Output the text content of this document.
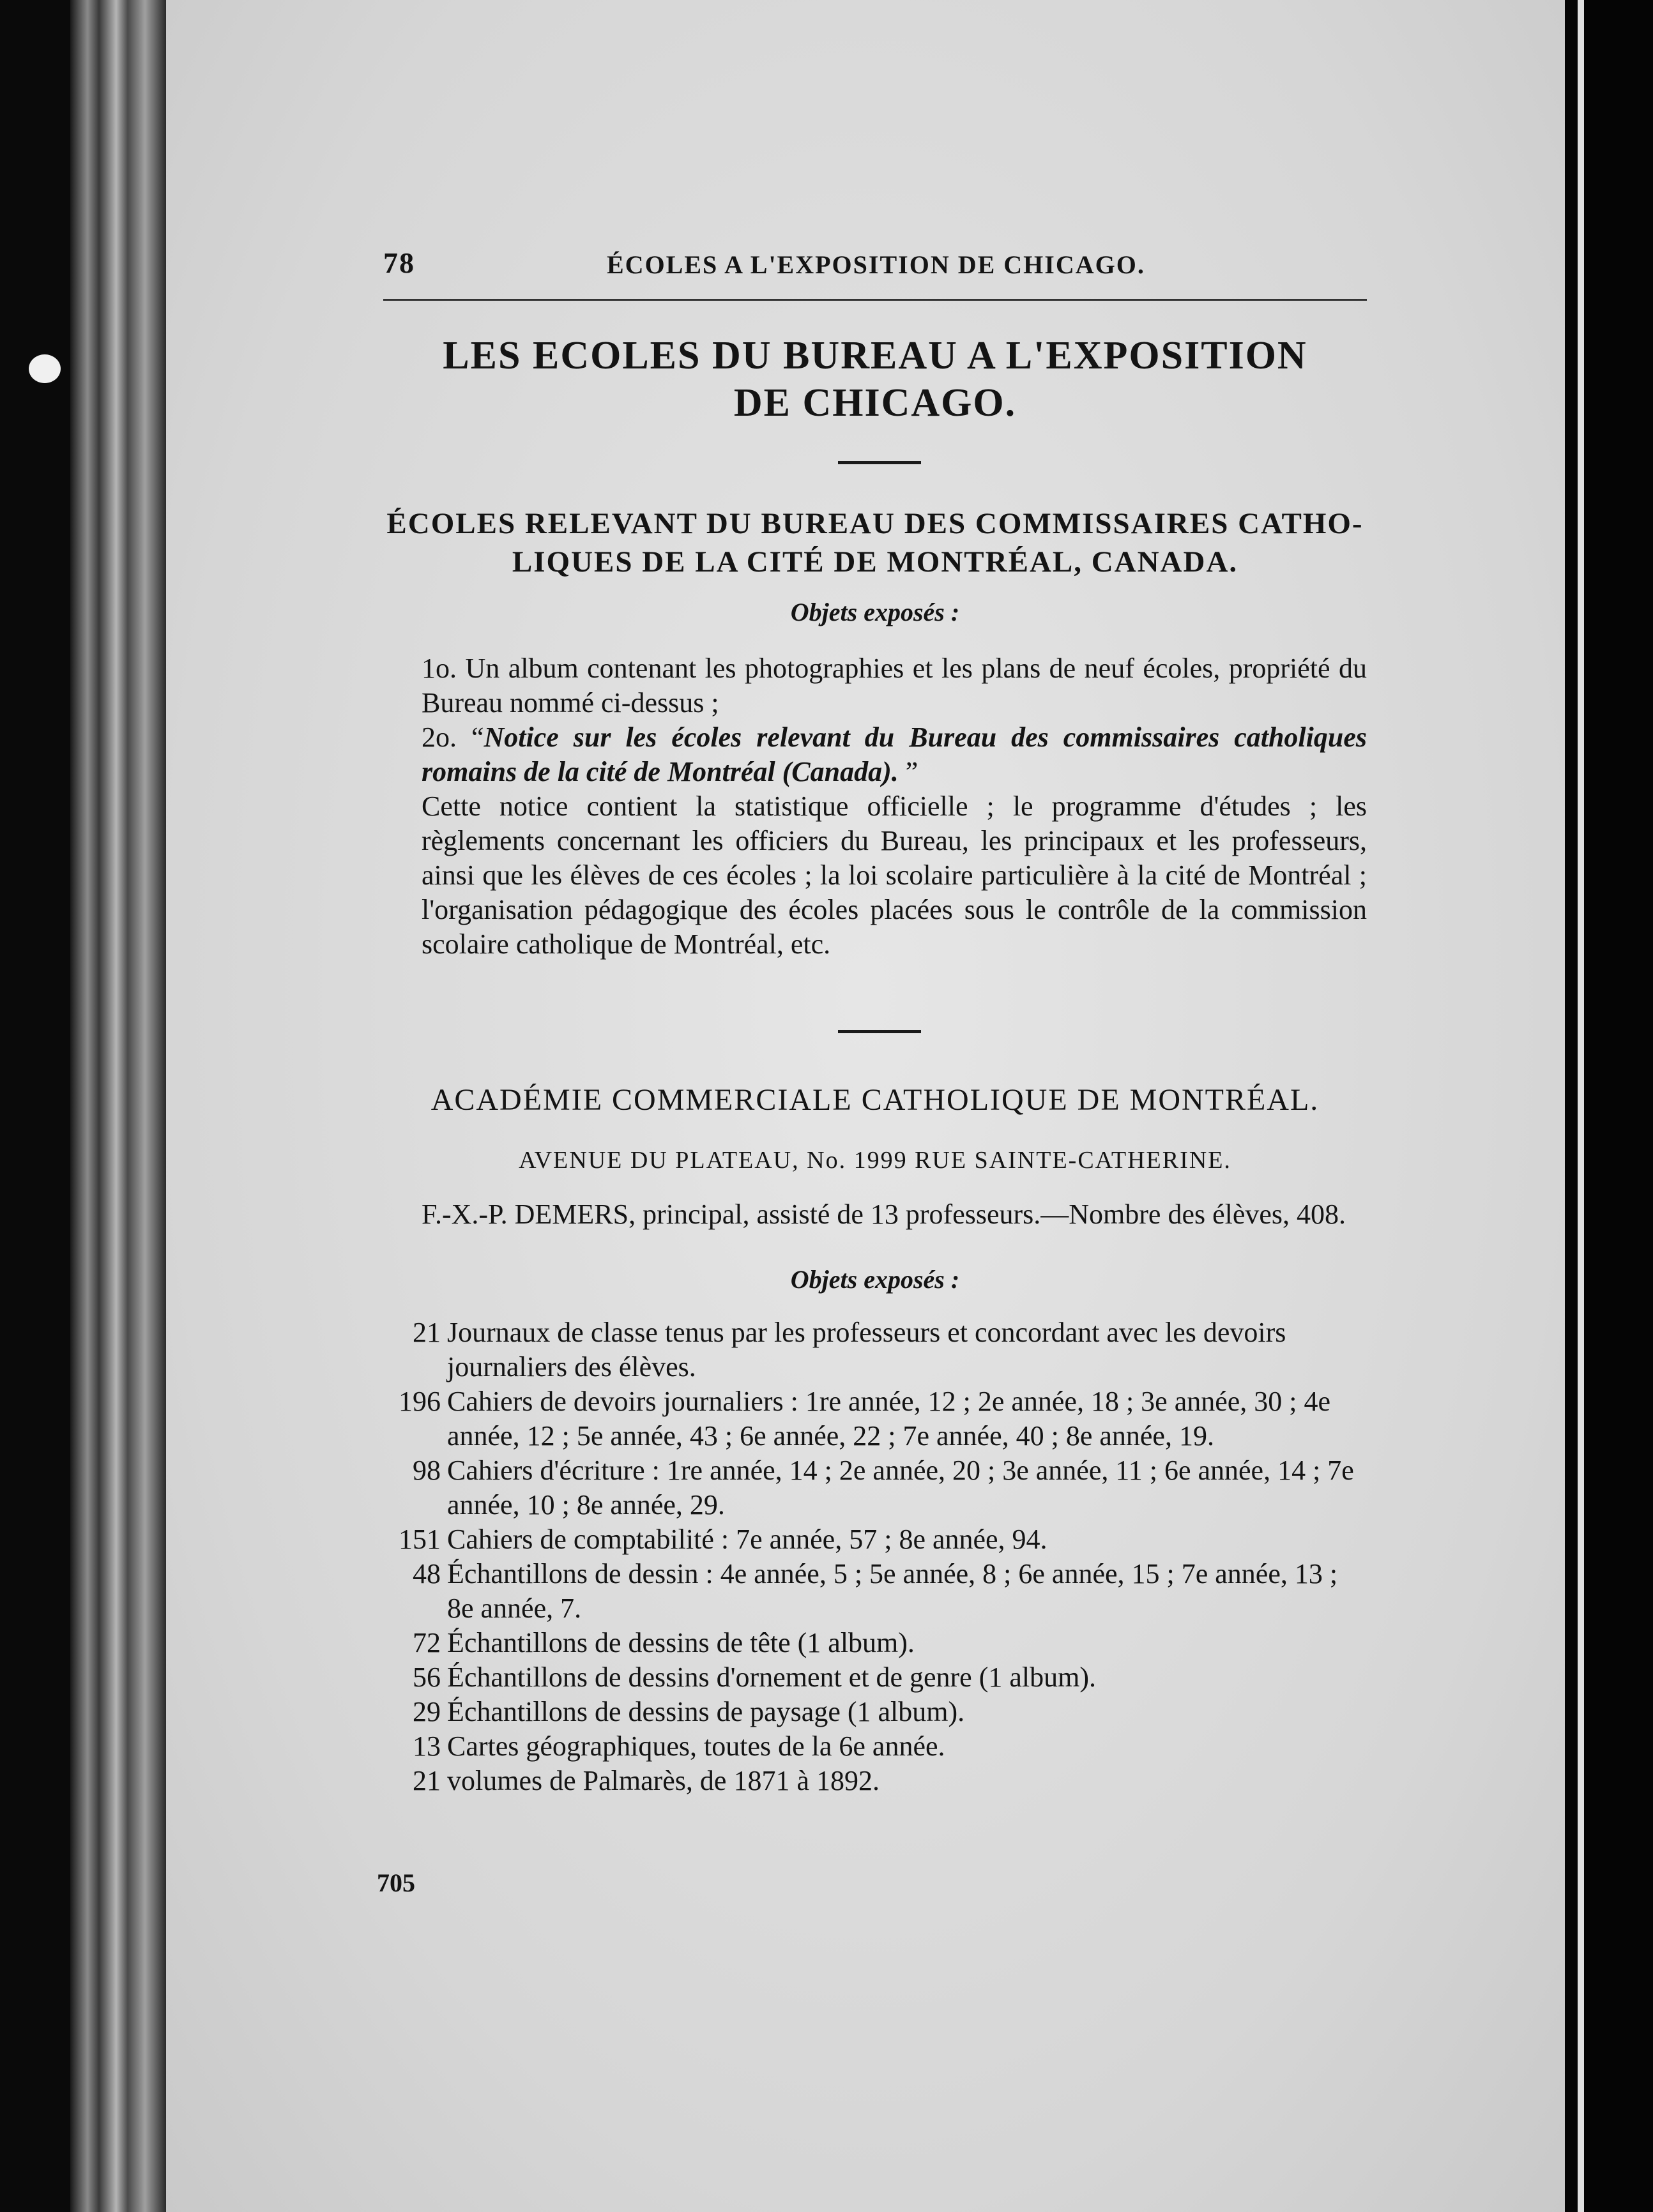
78	ÉCOLES A L'EXPOSITION DE CHICAGO.
LES ECOLES DU BUREAU A L'EXPOSITION
DE CHICAGO.
ÉCOLES RELEVANT DU BUREAU DES COMMISSAIRES CATHO-
LIQUES DE LA CITÉ DE MONTRÉAL, CANADA.
Objets exposés :
1o. Un album contenant les photographies et les plans de neuf écoles, propriété du Bureau nommé ci-dessus ;
2o. “Notice sur les écoles relevant du Bureau des commissaires catholiques romains de la cité de Montréal (Canada). ”
Cette notice contient la statistique officielle ; le programme d'études ; les règlements concernant les officiers du Bureau, les principaux et les professeurs, ainsi que les élèves de ces écoles ; la loi scolaire particulière à la cité de Montréal ; l'organisation pédagogique des écoles placées sous le contrôle de la commission scolaire catholique de Montréal, etc.
ACADÉMIE COMMERCIALE CATHOLIQUE DE MONTRÉAL.
AVENUE DU PLATEAU, No. 1999 RUE SAINTE-CATHERINE.
F.-X.-P. DEMERS, principal, assisté de 13 professeurs.—Nombre des élèves, 408.
Objets exposés :
21 Journaux de classe tenus par les professeurs et concordant avec les devoirs journaliers des élèves.
196 Cahiers de devoirs journaliers : 1re année, 12 ; 2e année, 18 ; 3e année, 30 ; 4e année, 12 ; 5e année, 43 ; 6e année, 22 ; 7e année, 40 ; 8e année, 19.
98 Cahiers d'écriture : 1re année, 14 ; 2e année, 20 ; 3e année, 11 ; 6e année, 14 ; 7e année, 10 ; 8e année, 29.
151 Cahiers de comptabilité : 7e année, 57 ; 8e année, 94.
48 Échantillons de dessin : 4e année, 5 ; 5e année, 8 ; 6e année, 15 ; 7e année, 13 ; 8e année, 7.
72 Échantillons de dessins de tête (1 album).
56 Échantillons de dessins d'ornement et de genre (1 album).
29 Échantillons de dessins de paysage (1 album).
13 Cartes géographiques, toutes de la 6e année.
21 volumes de Palmarès, de 1871 à 1892.
705
